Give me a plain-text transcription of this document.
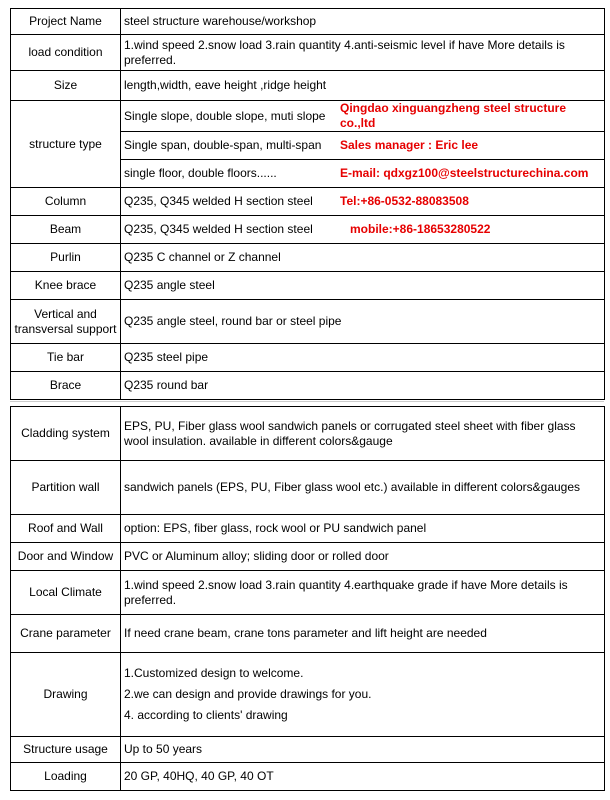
Project Name	steel structure warehouse/workshop
load condition	1.wind speed 2.snow load 3.rain quantity 4.anti-seismic level if have More details is preferred.
Size	length,width, eave height ,ridge height
structure type	Single slope, double slope, muti slope
Qingdao xinguangzheng steel structure co.,ltd

	Single span, double-span, multi-span Sales manager : Eric lee

	single floor, double floors...... E-mail: qdxgz100@steelstructurechina.com

Column	Q235, Q345 welded H section steel Tel:+86-0532-88083508

Beam	Q235, Q345 welded H section steel mobile:+86-18653280522

Purlin	Q235 C channel or Z channel
Knee brace	Q235 angle steel
Vertical and transversal support	Q235 angle steel, round bar or steel pipe
Tie bar	Q235 steel pipe
Brace	Q235 round bar
Cladding system	EPS, PU, Fiber glass wool sandwich panels or corrugated steel sheet with fiber glass wool insulation. available in different colors&gauge
Partition wall	sandwich panels (EPS, PU, Fiber glass wool etc.) available in different colors&gauges
Roof and Wall	option: EPS, fiber glass, rock wool or PU sandwich panel
Door and Window	PVC or Aluminum alloy; sliding door or rolled door
Local Climate	1.wind speed 2.snow load 3.rain quantity 4.earthquake grade if have More details is preferred.
Crane parameter	If need crane beam, crane tons parameter and lift height are needed
Drawing	1.Customized design to welcome.

2.we can design and provide drawings for you.

4. according to clients' drawing

Structure usage	Up to 50 years
Loading	20 GP, 40HQ, 40 GP, 40 OT
